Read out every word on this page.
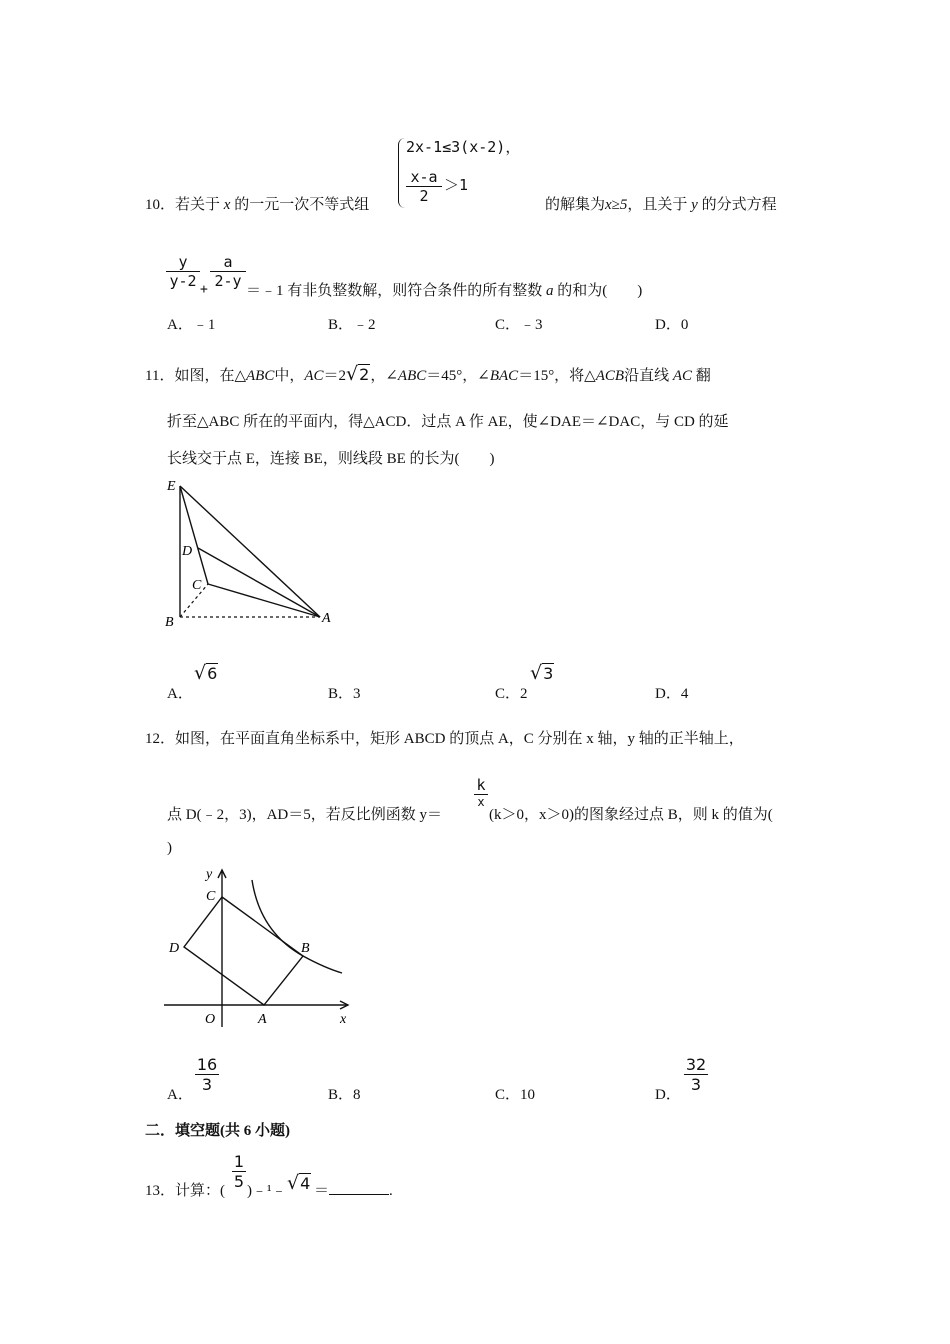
10．若关于 x 的一元一次不等式组
2x-1≤3(x-2)，
$\frac{x-a}{2} >1$
的解集为x≥5，且关于 y 的分式方程
$\frac{y}{y-2} + \frac{a}{2-y}$
＝﹣1 有非负整数解，则符合条件的所有整数 a 的和为(　　)
A．﹣1	B．﹣2	C．﹣3	D．0
11．如图，在△ABC中，AC＝2√2，∠ABC＝45°，∠BAC＝15°，将△ACB沿直线 AC 翻
折至△ABC 所在的平面内，得△ACD．过点 A 作 AE，使∠DAE＝∠DAC，与 CD 的延
长线交于点 E，连接 BE，则线段 BE 的长为(　　)
E
D
C
B	A
A．
√6
B．3	C．2
√3
D．4
12．如图，在平面直角坐标系中，矩形 ABCD 的顶点 A，C 分别在 x 轴，y 轴的正半轴上，
点 D(﹣2，3)，AD＝5，若反比例函数 y＝
k
x
(k＞0，x＞0)的图象经过点 B，则 k 的值为(
)
y
C
D	B
O	A	x
A．
$\frac{16}{3}$
B．8	C．10	D．
$\frac{32}{3}$
二．填空题(共 6 小题)
13．计算：( $\frac{1}{5}$ )﹣¹﹣ √4 ＝	.
